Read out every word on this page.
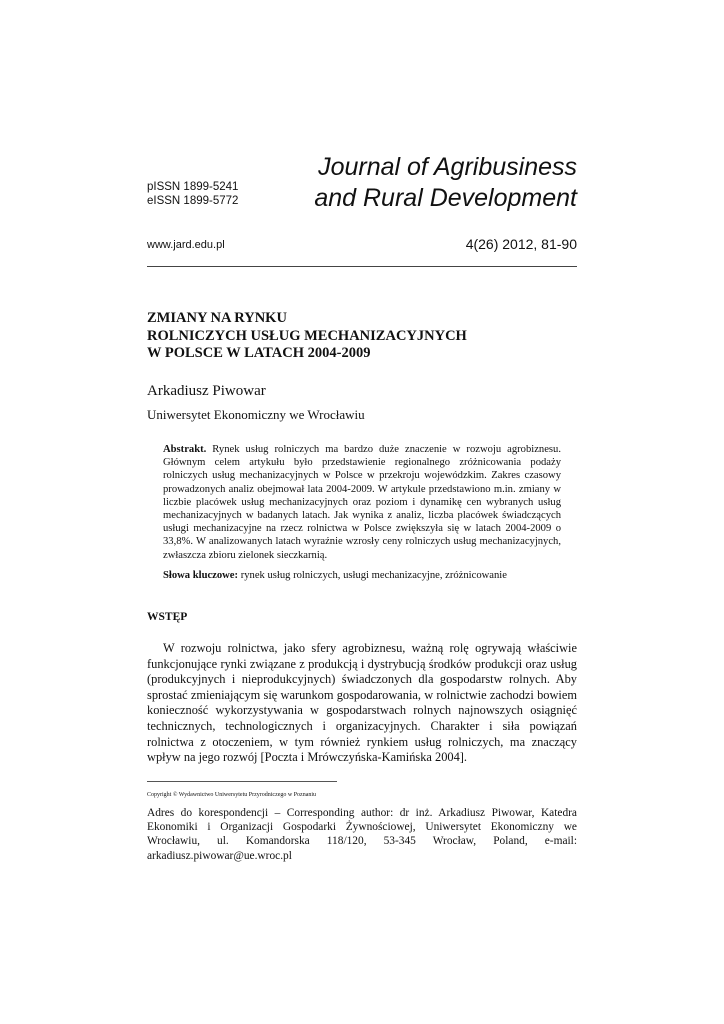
pISSN 1899-5241
eISSN 1899-5772
Journal of Agribusiness
and Rural Development
www.jard.edu.pl	4(26) 2012, 81-90
ZMIANY NA RYNKU
ROLNICZYCH USŁUG MECHANIZACYJNYCH
W POLSCE W LATACH 2004-2009
Arkadiusz Piwowar
Uniwersytet Ekonomiczny we Wrocławiu
Abstrakt. Rynek usług rolniczych ma bardzo duże znaczenie w rozwoju agrobiznesu. Głównym celem artykułu było przedstawienie regionalnego zróżnicowania podaży rolniczych usług mechanizacyjnych w Polsce w przekroju wojewódzkim. Zakres czasowy prowadzonych analiz obejmował lata 2004-2009. W artykule przedstawiono m.in. zmiany w liczbie placówek usług mechanizacyjnych oraz poziom i dynamikę cen wybranych usług mechanizacyjnych w badanych latach. Jak wynika z analiz, liczba placówek świadczących usługi mechanizacyjne na rzecz rolnictwa w Polsce zwiększyła się w latach 2004-2009 o 33,8%. W analizowanych latach wyraźnie wzrosły ceny rolniczych usług mechanizacyjnych, zwłaszcza zbioru zielonek sieczkarnią.
Słowa kluczowe: rynek usług rolniczych, usługi mechanizacyjne, zróżnicowanie
WSTĘP
W rozwoju rolnictwa, jako sfery agrobiznesu, ważną rolę ogrywają właściwie funkcjonujące rynki związane z produkcją i dystrybucją środków produkcji oraz usług (produkcyjnych i nieprodukcyjnych) świadczonych dla gospodarstw rolnych. Aby sprostać zmieniającym się warunkom gospodarowania, w rolnictwie zachodzi bowiem konieczność wykorzystywania w gospodarstwach rolnych najnowszych osiągnięć technicznych, technologicznych i organizacyjnych. Charakter i siła powiązań rolnictwa z otoczeniem, w tym również rynkiem usług rolniczych, ma znaczący wpływ na jego rozwój [Poczta i Mrówczyńska-Kamińska 2004].
Copyright © Wydawnictwo Uniwersytetu Przyrodniczego w Poznaniu
Adres do korespondencji – Corresponding author: dr inż. Arkadiusz Piwowar, Katedra Ekonomiki i Organizacji Gospodarki Żywnościowej, Uniwersytet Ekonomiczny we Wrocławiu, ul. Komandorska 118/120, 53-345 Wrocław, Poland, e-mail: arkadiusz.piwowar@ue.wroc.pl
